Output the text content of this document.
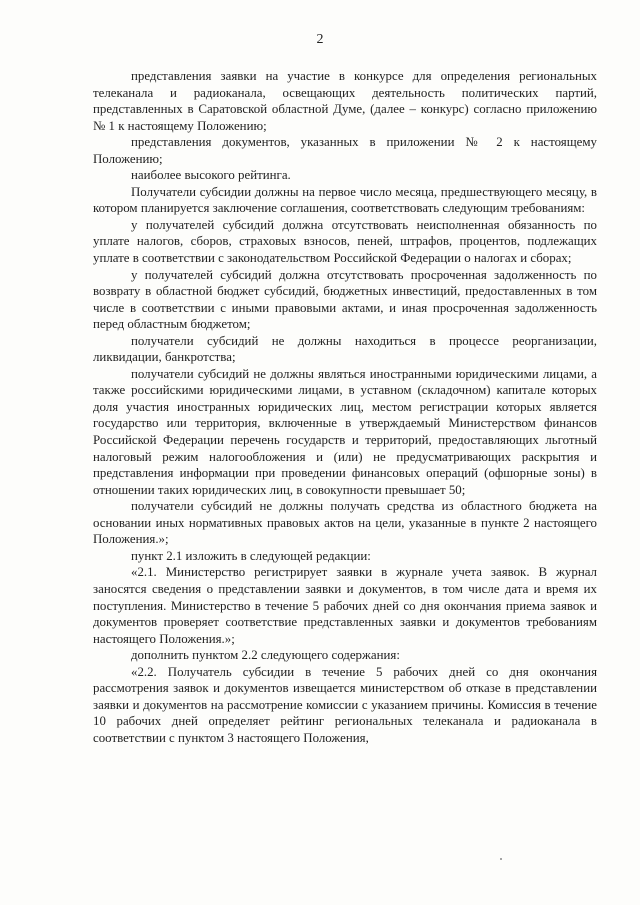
2

представления заявки на участие в конкурсе для определения региональных телеканала и радиоканала, освещающих деятельность политических партий, представленных в Саратовской областной Думе, (далее – конкурс) согласно приложению № 1 к настоящему Положению;

представления документов, указанных в приложении № 2 к настоящему Положению;

наиболее высокого рейтинга.

Получатели субсидии должны на первое число месяца, предшествующего месяцу, в котором планируется заключение соглашения, соответствовать следующим требованиям:

у получателей субсидий должна отсутствовать неисполненная обязанность по уплате налогов, сборов, страховых взносов, пеней, штрафов, процентов, подлежащих уплате в соответствии с законодательством Российской Федерации о налогах и сборах;

у получателей субсидий должна отсутствовать просроченная задолженность по возврату в областной бюджет субсидий, бюджетных инвестиций, предоставленных в том числе в соответствии с иными правовыми актами, и иная просроченная задолженность перед областным бюджетом;

получатели субсидий не должны находиться в процессе реорганизации, ликвидации, банкротства;

получатели субсидий не должны являться иностранными юридическими лицами, а также российскими юридическими лицами, в уставном (складочном) капитале которых доля участия иностранных юридических лиц, местом регистрации которых является государство или территория, включенные в утверждаемый Министерством финансов Российской Федерации перечень государств и территорий, предоставляющих льготный налоговый режим налогообложения и (или) не предусматривающих раскрытия и представления информации при проведении финансовых операций (офшорные зоны) в отношении таких юридических лиц, в совокупности превышает 50;

получатели субсидий не должны получать средства из областного бюджета на основании иных нормативных правовых актов на цели, указанные в пункте 2 настоящего Положения.»;

пункт 2.1 изложить в следующей редакции:

«2.1. Министерство регистрирует заявки в журнале учета заявок. В журнал заносятся сведения о представлении заявки и документов, в том числе дата и время их поступления. Министерство в течение 5 рабочих дней со дня окончания приема заявок и документов проверяет соответствие представленных заявки и документов требованиям настоящего Положения.»;

дополнить пунктом 2.2 следующего содержания:

«2.2. Получатель субсидии в течение 5 рабочих дней со дня окончания рассмотрения заявок и документов извещается министерством об отказе в представлении заявки и документов на рассмотрение комиссии с указанием причины. Комиссия в течение 10 рабочих дней определяет рейтинг региональных телеканала и радиоканала в соответствии с пунктом 3 настоящего Положения,
